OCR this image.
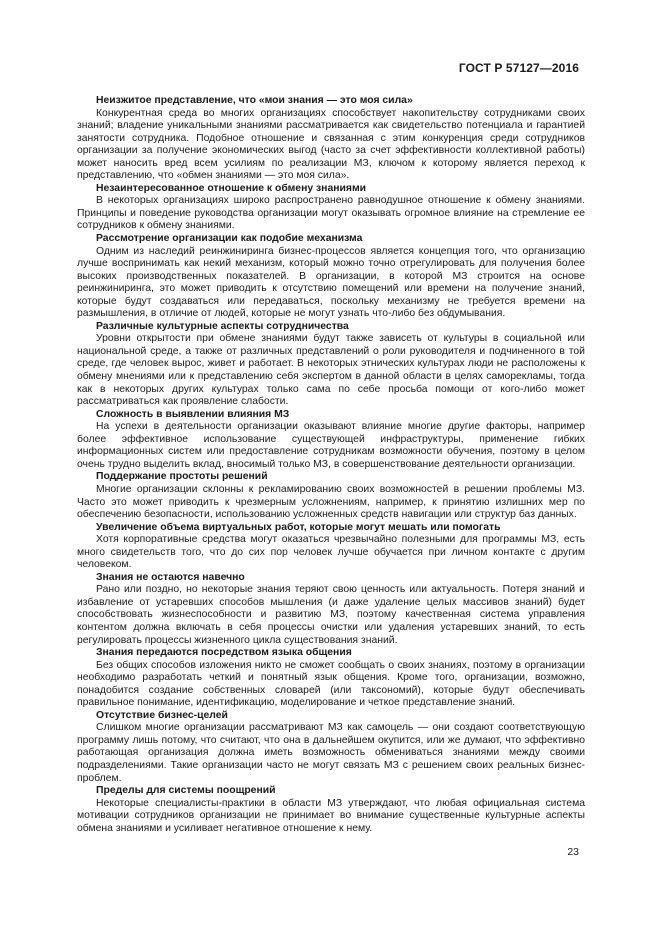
ГОСТ Р 57127—2016

Неизжитое представление, что «мои знания — это моя сила»

Конкурентная среда во многих организациях способствует накопительству сотрудниками своих знаний; владение уникальными знаниями рассматривается как свидетельство потенциала и гарантией занятости сотрудника. Подобное отношение и связанная с этим конкуренция среди сотрудников организации за получение экономических выгод (часто за счет эффективности коллективной работы) может наносить вред всем усилиям по реализации МЗ, ключом к которому является переход к представлению, что «обмен знаниями — это моя сила».

Незаинтересованное отношение к обмену знаниями

В некоторых организациях широко распространено равнодушное отношение к обмену знаниями. Принципы и поведение руководства организации могут оказывать огромное влияние на стремление ее сотрудников к обмену знаниями.

Рассмотрение организации как подобие механизма

Одним из наследий реинжиниринга бизнес-процессов является концепция того, что организацию лучше воспринимать как некий механизм, который можно точно отрегулировать для получения более высоких производственных показателей. В организации, в которой МЗ строится на основе реинжиниринга, это может приводить к отсутствию помещений или времени на получение знаний, которые будут создаваться или передаваться, поскольку механизму не требуется времени на размышления, в отличие от людей, которые не могут узнать что-либо без обдумывания.

Различные культурные аспекты сотрудничества

Уровни открытости при обмене знаниями будут также зависеть от культуры в социальной или национальной среде, а также от различных представлений о роли руководителя и подчиненного в той среде, где человек вырос, живет и работает. В некоторых этнических культурах люди не расположены к обмену мнениями или к представлению себя экспертом в данной области в целях саморекламы, тогда как в некоторых других культурах только сама по себе просьба помощи от кого-либо может рассматриваться как проявление слабости.

Сложность в выявлении влияния МЗ

На успехи в деятельности организации оказывают влияние многие другие факторы, например более эффективное использование существующей инфраструктуры, применение гибких информационных систем или предоставление сотрудникам возможности обучения, поэтому в целом очень трудно выделить вклад, вносимый только МЗ, в совершенствование деятельности организации.

Поддержание простоты решений

Многие организации склонны к рекламированию своих возможностей в решении проблемы МЗ. Часто это может приводить к чрезмерным усложнениям, например, к принятию излишних мер по обеспечению безопасности, использованию усложненных средств навигации или структур баз данных.

Увеличение объема виртуальных работ, которые могут мешать или помогать

Хотя корпоративные средства могут оказаться чрезвычайно полезными для программы МЗ, есть много свидетельств того, что до сих пор человек лучше обучается при личном контакте с другим человеком.

Знания не остаются навечно

Рано или поздно, но некоторые знания теряют свою ценность или актуальность. Потеря знаний и избавление от устаревших способов мышления (и даже удаление целых массивов знаний) будет способствовать жизнеспособности и развитию МЗ, поэтому качественная система управления контентом должна включать в себя процессы очистки или удаления устаревших знаний, то есть регулировать процессы жизненного цикла существования знаний.

Знания передаются посредством языка общения

Без общих способов изложения никто не сможет сообщать о своих знаниях, поэтому в организации необходимо разработать четкий и понятный язык общения. Кроме того, организации, возможно, понадобится создание собственных словарей (или таксономий), которые будут обеспечивать правильное понимание, идентификацию, моделирование и четкое представление знаний.

Отсутствие бизнес-целей

Слишком многие организации рассматривают МЗ как самоцель — они создают соответствующую программу лишь потому, что считают, что она в дальнейшем окупится, или же думают, что эффективно работающая организация должна иметь возможность обмениваться знаниями между своими подразделениями. Такие организации часто не могут связать МЗ с решением своих реальных бизнес-проблем.

Пределы для системы поощрений

Некоторые специалисты-практики в области МЗ утверждают, что любая официальная система мотивации сотрудников организации не принимает во внимание существенные культурные аспекты обмена знаниями и усиливает негативное отношение к нему.

23
